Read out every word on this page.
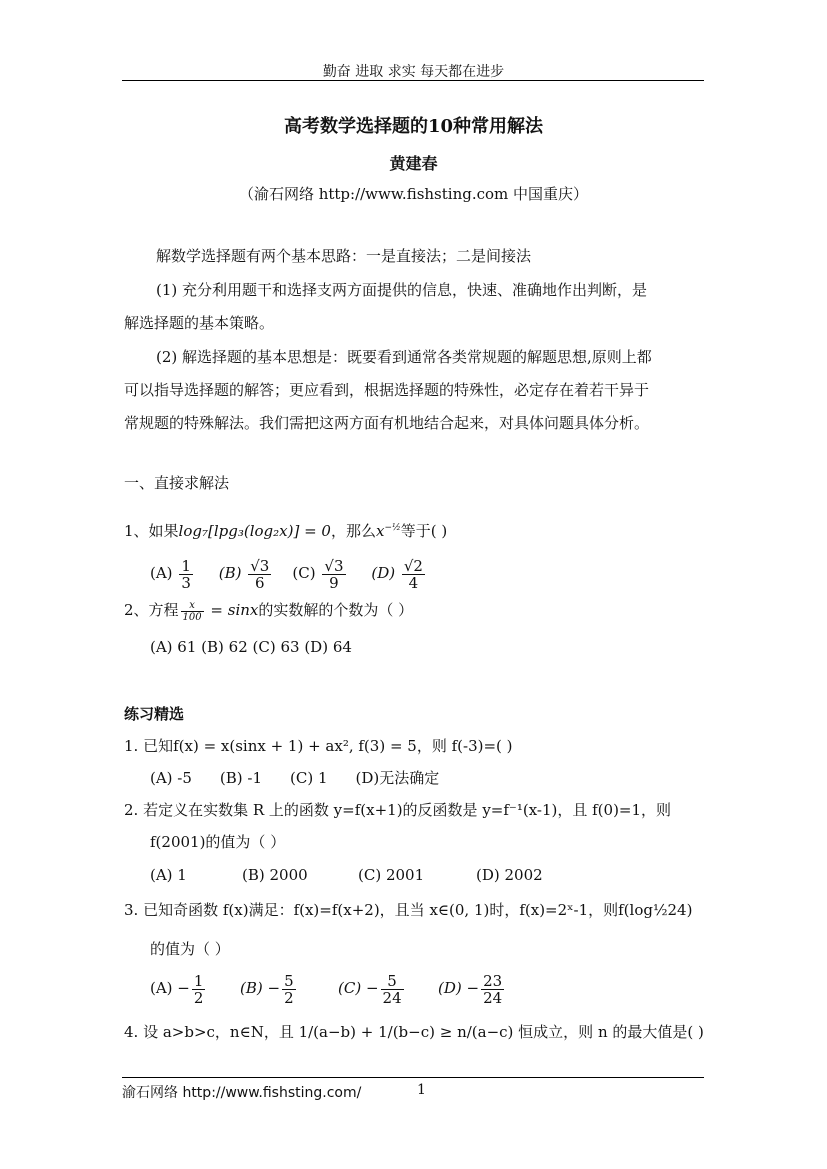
勤奋 进取 求实 每天都在进步
高考数学选择题的10种常用解法
黄建春
（渝石网络 http://www.fishsting.com 中国重庆）
解数学选择题有两个基本思路：一是直接法；二是间接法
(1) 充分利用题干和选择支两方面提供的信息，快速、准确地作出判断，是
解选择题的基本策略。
(2) 解选择题的基本思想是：既要看到通常各类常规题的解题思想,原则上都
可以指导选择题的解答；更应看到，根据选择题的特殊性，必定存在着若干异于
常规题的特殊解法。我们需把这两方面有机地结合起来，对具体问题具体分析。
一、直接求解法
1、如果log₇[lpg₃(log₂x)] = 0，那么$x^{-\frac{1}{2}}$等于( )
$(A) \frac{1}{3} (B) \frac{√3}{6} (C) \frac{√3}{9} (D) \frac{√2}{4}$
2、方程 $\frac{x}{100} = \sin x$的实数解的个数为（ ）
(A) 61 (B) 62 (C) 63 (D) 64
练习精选
1. 已知f(x) = x(sinx + 1) + ax², f(3) = 5，则 f(-3)=( )
(A) -5 (B) -1 (C) 1 (D)无法确定
2. 若定义在实数集 R 上的函数 y=f(x+1)的反函数是 y=f⁻¹(x-1)，且 f(0)=1，则
f(2001)的值为（ ）
(A) 1	(B) 2000	(C) 2001	(D) 2002
3. 已知奇函数 f(x)满足：f(x)=f(x+2)，且当 x∈(0, 1)时，f(x)=2ˣ-1，则f(log½24)
的值为（ ）
$(A) - \frac{1}{2} (B) - \frac{5}{2}$	$(C) - \frac{5}{24} (D) - \frac{23}{24}$
4. 设 a>b>c，n∈N，且 1/(a−b) + 1/(b−c) ≥ n/(a−c) 恒成立，则 n 的最大值是( )
渝石网络 http://www.fishsting.com/	1
